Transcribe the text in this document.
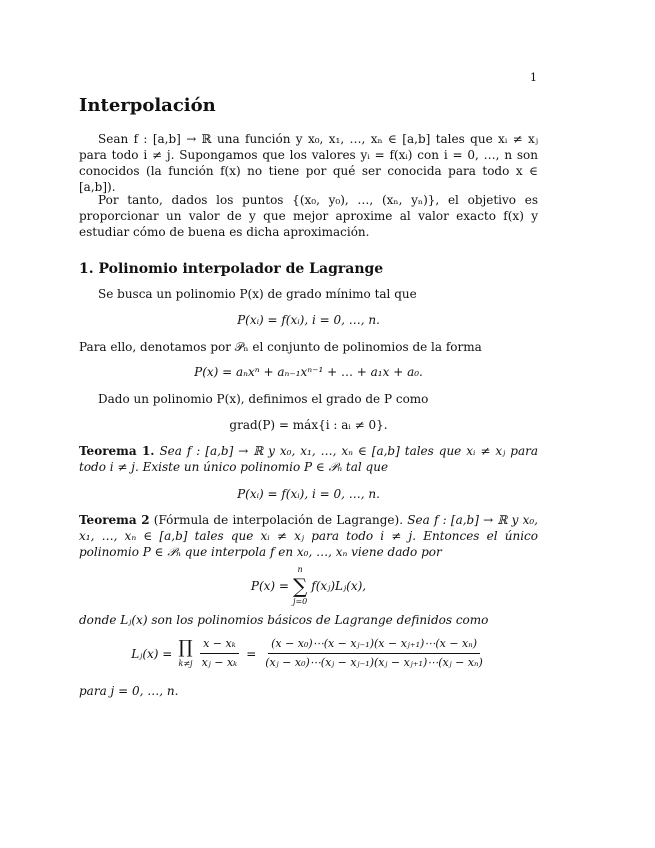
1
Interpolación

Sean f : [a,b] → ℝ una función y x₀, x₁, …, xₙ ∈ [a,b] tales que xᵢ ≠ xⱼ para todo i ≠ j. Supongamos que los valores yᵢ = f(xᵢ) con i = 0, …, n son conocidos (la función f(x) no tiene por qué ser conocida para todo x ∈ [a,b]).

Por tanto, dados los puntos {(x₀, y₀), …, (xₙ, yₙ)}, el objetivo es proporcionar un valor de y que mejor aproxime al valor exacto f(x) y estudiar cómo de buena es dicha aproximación.

1. Polinomio interpolador de Lagrange

Se busca un polinomio P(x) de grado mínimo tal que

P(xᵢ) = f(xᵢ), i = 0, …, n.

Para ello, denotamos por 𝒫ₙ el conjunto de polinomios de la forma

P(x) = aₙxⁿ + aₙ₋₁xⁿ⁻¹ + … + a₁x + a₀.

Dado un polinomio P(x), definimos el grado de P como

grad(P) = máx{i : aᵢ ≠ 0}.

Teorema 1. Sea f : [a,b] → ℝ y x₀, x₁, …, xₙ ∈ [a,b] tales que xᵢ ≠ xⱼ para todo i ≠ j. Existe un único polinomio P ∈ 𝒫ₙ tal que

P(xᵢ) = f(xᵢ), i = 0, …, n.

Teorema 2 (Fórmula de interpolación de Lagrange). Sea f : [a,b] → ℝ y x₀, x₁, …, xₙ ∈ [a,b] tales que xᵢ ≠ xⱼ para todo i ≠ j. Entonces el único polinomio P ∈ 𝒫ₙ que interpola f en x₀, …, xₙ viene dado por

P(x) =
n
∑
j=0
f(xⱼ)Lⱼ(x),

donde Lⱼ(x) son los polinomios básicos de Lagrange definidos como

Lⱼ(x) = ∏
$k\ne j \frac{\text{x − xₖ}}{\text{xⱼ − xₖ}} = \frac{\text{(x − x₀)⋯(x − xⱼ₋₁)(x − xⱼ₊₁)⋯(x − xₙ)}}{\text{(xⱼ − x₀)⋯(xⱼ − xⱼ₋₁)(xⱼ − xⱼ₊₁)⋯(xⱼ − xₙ)}}$

para j = 0, …, n.
